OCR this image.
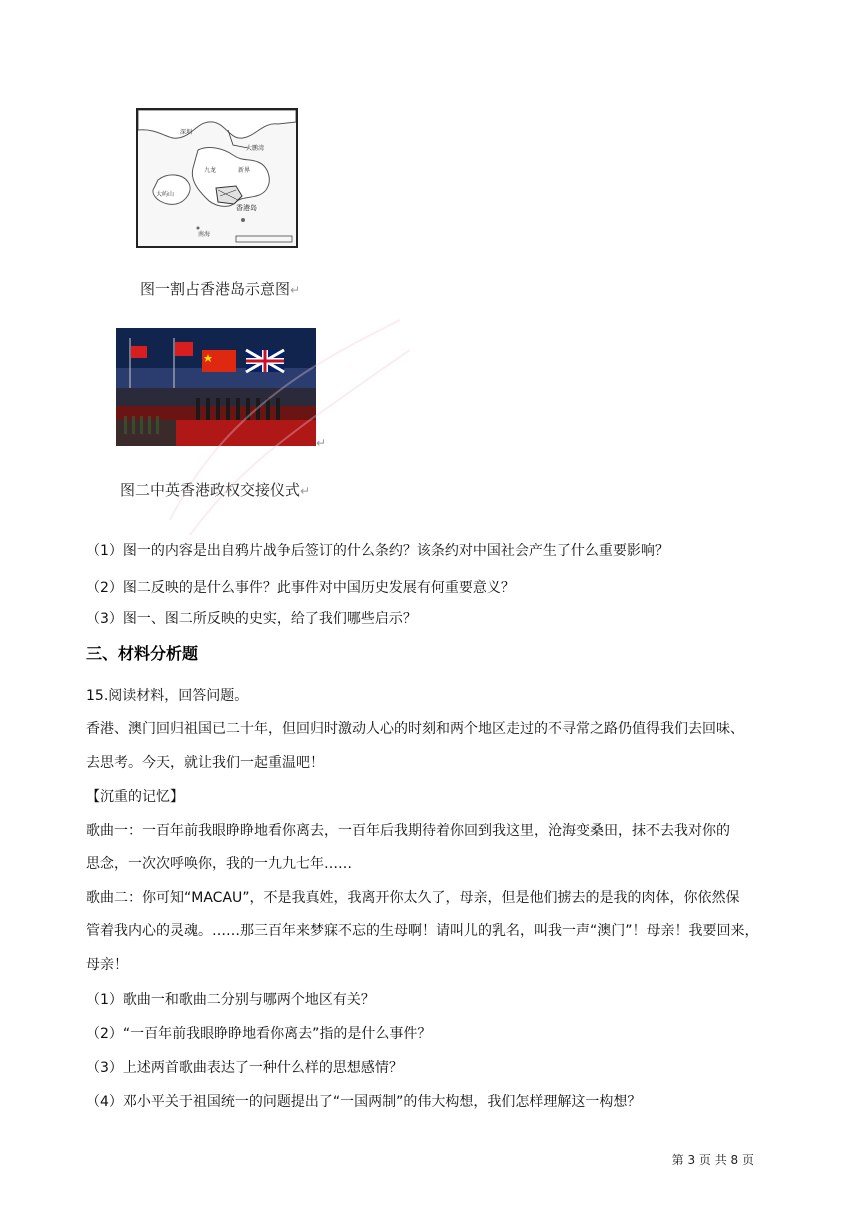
深圳
大鹏湾
九龙	新界
香港岛
大屿山
南海
图一割占香港岛示意图↵
↵
图二中英香港政权交接仪式↵
（1）图一的内容是出自鸦片战争后签订的什么条约？该条约对中国社会产生了什么重要影响？
（2）图二反映的是什么事件？此事件对中国历史发展有何重要意义？
（3）图一、图二所反映的史实，给了我们哪些启示？
三、材料分析题
15.阅读材料，回答问题。
香港、澳门回归祖国已二十年，但回归时激动人心的时刻和两个地区走过的不寻常之路仍值得我们去回味、
去思考。今天，就让我们一起重温吧！
【沉重的记忆】
歌曲一：一百年前我眼睁睁地看你离去，一百年后我期待着你回到我这里，沧海变桑田，抹不去我对你的
思念，一次次呼唤你，我的一九九七年……
歌曲二：你可知“MACAU”，不是我真姓，我离开你太久了，母亲，但是他们掳去的是我的肉体，你依然保
管着我内心的灵魂。……那三百年来梦寐不忘的生母啊！请叫儿的乳名，叫我一声“澳门”！母亲！我要回来，
母亲！
（1）歌曲一和歌曲二分别与哪两个地区有关？
（2）“一百年前我眼睁睁地看你离去”指的是什么事件？
（3）上述两首歌曲表达了一种什么样的思想感情？
（4）邓小平关于祖国统一的问题提出了“一国两制”的伟大构想，我们怎样理解这一构想？
第 3 页 共 8 页
